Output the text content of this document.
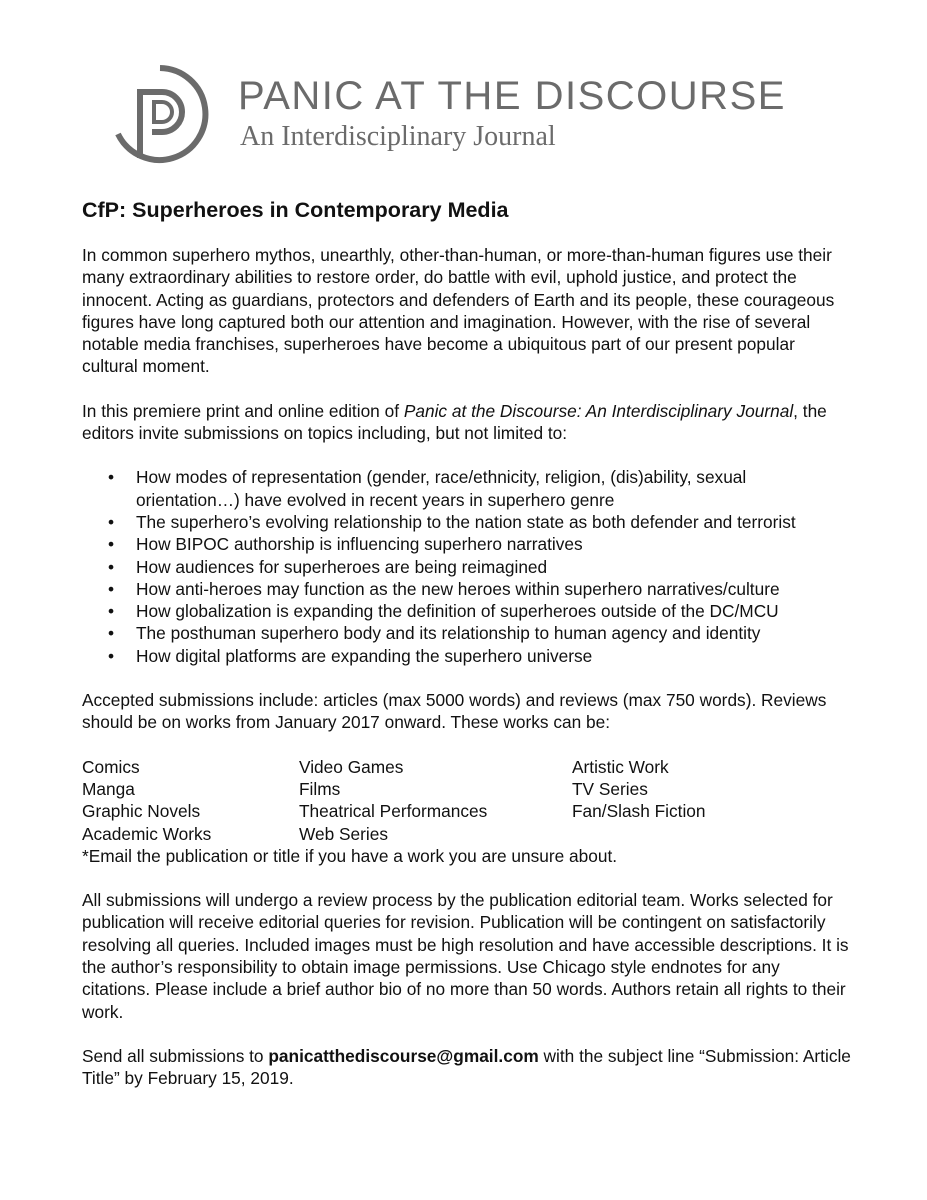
PANIC AT THE DISCOURSE
An Interdisciplinary Journal
CfP: Superheroes in Contemporary Media

In common superhero mythos, unearthly, other-than-human, or more-than-human figures use their many extraordinary abilities to restore order, do battle with evil, uphold justice, and protect the innocent. Acting as guardians, protectors and defenders of Earth and its people, these courageous figures have long captured both our attention and imagination. However, with the rise of several notable media franchises, superheroes have become a ubiquitous part of our present popular cultural moment.

In this premiere print and online edition of Panic at the Discourse: An Interdisciplinary Journal, the editors invite submissions on topics including, but not limited to:

• How modes of representation (gender, race/ethnicity, religion, (dis)ability, sexual orientation…) have evolved in recent years in superhero genre
• The superhero’s evolving relationship to the nation state as both defender and terrorist
• How BIPOC authorship is influencing superhero narratives
• How audiences for superheroes are being reimagined
• How anti-heroes may function as the new heroes within superhero narratives/culture
• How globalization is expanding the definition of superheroes outside of the DC/MCU
• The posthuman superhero body and its relationship to human agency and identity
• How digital platforms are expanding the superhero universe

Accepted submissions include: articles (max 5000 words) and reviews (max 750 words). Reviews should be on works from January 2017 onward. These works can be:

Comics	Video Games	Artistic Work
Manga	Films	TV Series
Graphic Novels	Theatrical Performances	Fan/Slash Fiction
Academic Works	Web Series

*Email the publication or title if you have a work you are unsure about.

All submissions will undergo a review process by the publication editorial team. Works selected for publication will receive editorial queries for revision. Publication will be contingent on satisfactorily resolving all queries. Included images must be high resolution and have accessible descriptions. It is the author’s responsibility to obtain image permissions. Use Chicago style endnotes for any citations. Please include a brief author bio of no more than 50 words. Authors retain all rights to their work.

Send all submissions to panicatthediscourse@gmail.com with the subject line “Submission: Article Title” by February 15, 2019.
